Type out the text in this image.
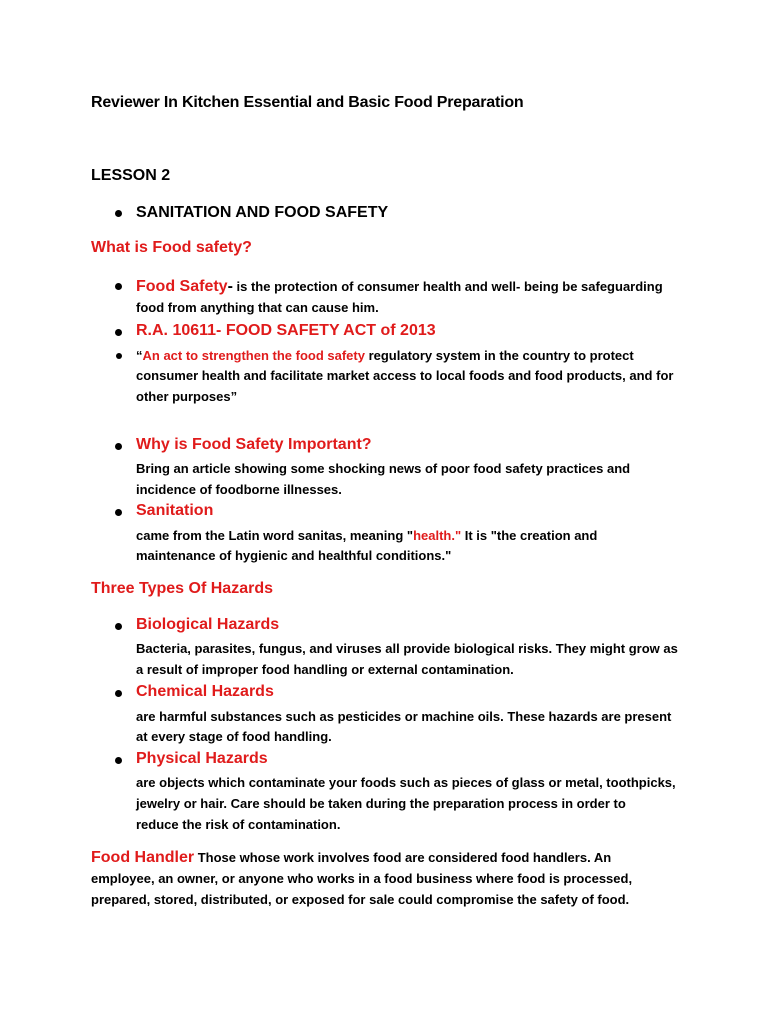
Reviewer In Kitchen Essential and Basic Food Preparation
LESSON 2
SANITATION AND FOOD SAFETY
What is Food safety?
Food Safety- is the protection of consumer health and well- being be safeguarding
food from anything that can cause him.
R.A. 10611- FOOD SAFETY ACT of 2013
“An act to strengthen the food safety regulatory system in the country to protect
consumer health and facilitate market access to local foods and food products, and for
other purposes”
Why is Food Safety Important?
Bring an article showing some shocking news of poor food safety practices and
incidence of foodborne illnesses.
Sanitation
came from the Latin word sanitas, meaning "health." It is "the creation and
maintenance of hygienic and healthful conditions."
Three Types Of Hazards
Biological Hazards
Bacteria, parasites, fungus, and viruses all provide biological risks. They might grow as
a result of improper food handling or external contamination.
Chemical Hazards
are harmful substances such as pesticides or machine oils. These hazards are present
at every stage of food handling.
Physical Hazards
are objects which contaminate your foods such as pieces of glass or metal, toothpicks,
jewelry or hair. Care should be taken during the preparation process in order to
reduce the risk of contamination.
Food Handler Those whose work involves food are considered food handlers. An
employee, an owner, or anyone who works in a food business where food is processed,
prepared, stored, distributed, or exposed for sale could compromise the safety of food.
